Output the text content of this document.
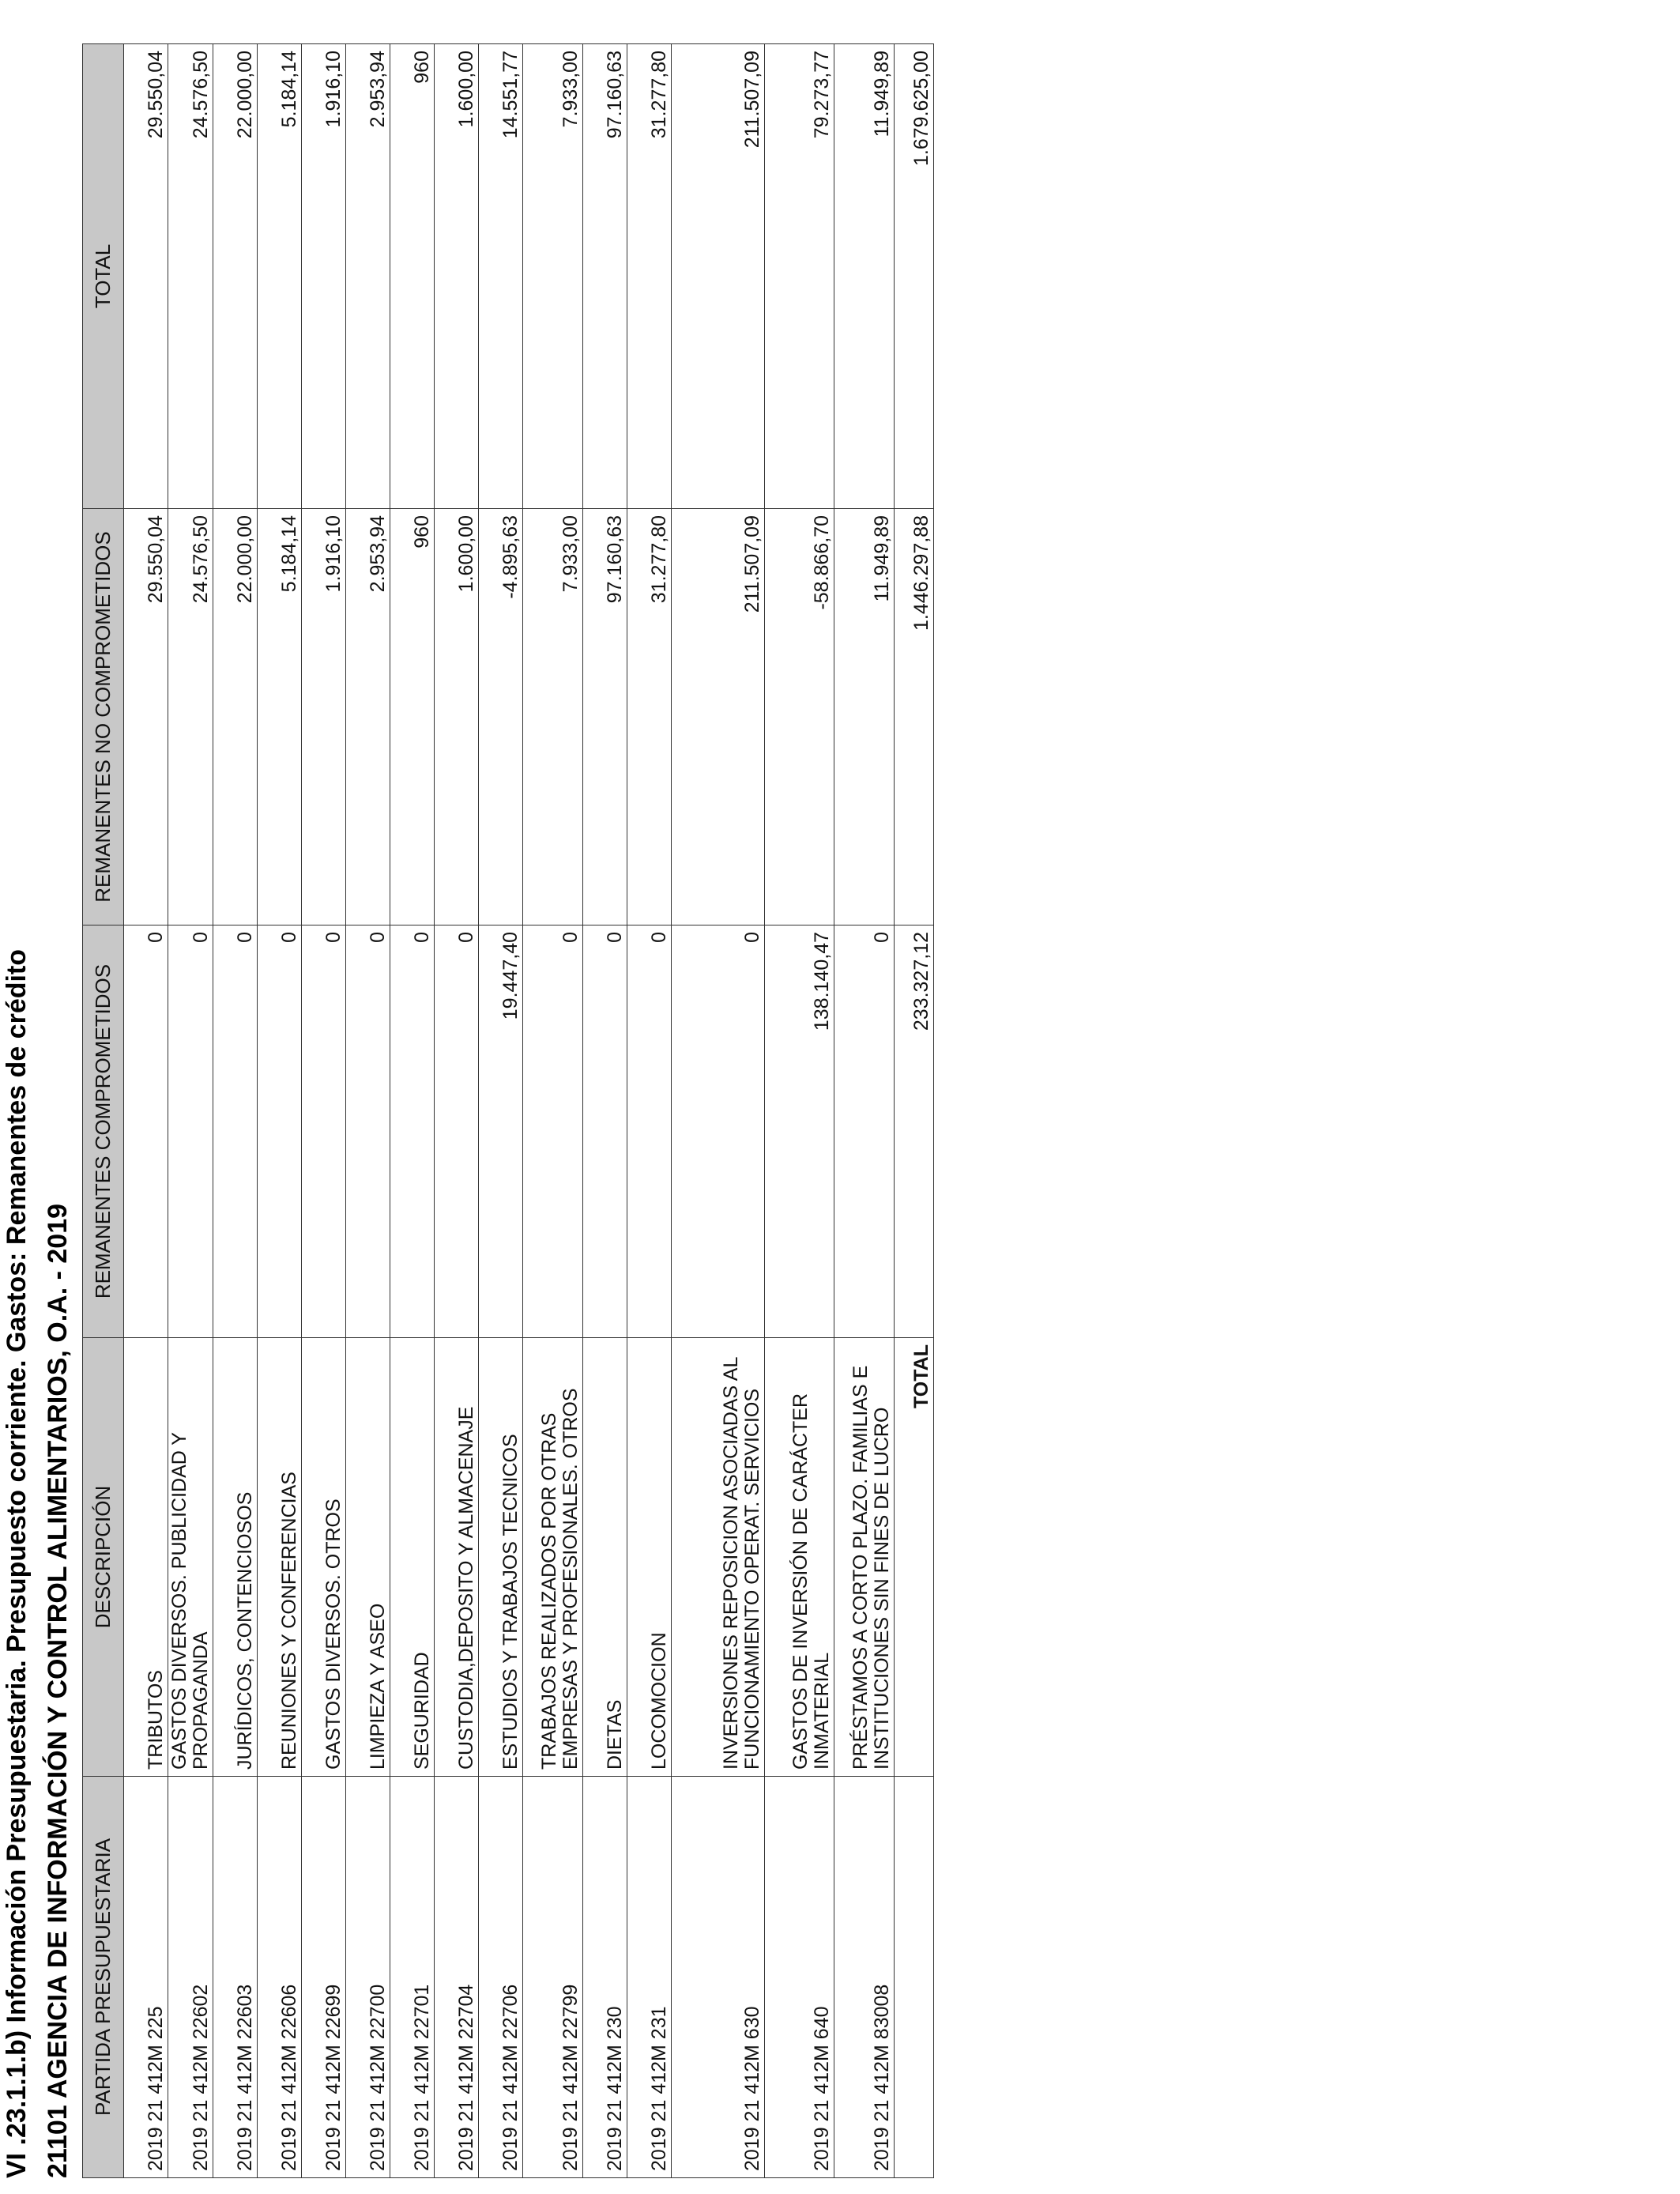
VI .23.1.1.b) Información Presupuestaria. Presupuesto corriente. Gastos: Remanentes de crédito 21101 AGENCIA DE INFORMACIÓN Y CONTROL ALIMENTARIOS, O.A. - 2019 PARTIDA PRESUPUESTARIA	DESCRIPCIÓN	REMANENTES COMPROMETIDOS	REMANENTES NO COMPROMETIDOS	TOTAL
2019 21 412M 225	TRIBUTOS	0	29.550,04	29.550,04
2019 21 412M 22602	GASTOS DIVERSOS. PUBLICIDAD Y PROPAGANDA	0	24.576,50	24.576,50
2019 21 412M 22603	JURÍDICOS, CONTENCIOSOS	0	22.000,00	22.000,00
2019 21 412M 22606	REUNIONES Y CONFERENCIAS	0	5.184,14	5.184,14
2019 21 412M 22699	GASTOS DIVERSOS. OTROS	0	1.916,10	1.916,10
2019 21 412M 22700	LIMPIEZA Y ASEO	0	2.953,94	2.953,94
2019 21 412M 22701	SEGURIDAD	0	960	960
2019 21 412M 22704	CUSTODIA,DEPOSITO Y ALMACENAJE	0	1.600,00	1.600,00
2019 21 412M 22706	ESTUDIOS Y TRABAJOS TECNICOS	19.447,40	-4.895,63	14.551,77
2019 21 412M 22799	TRABAJOS REALIZADOS POR OTRAS EMPRESAS Y PROFESIONALES. OTROS	0	7.933,00	7.933,00
2019 21 412M 230	DIETAS	0	97.160,63	97.160,63
2019 21 412M 231	LOCOMOCION	0	31.277,80	31.277,80
2019 21 412M 630	INVERSIONES REPOSICION ASOCIADAS AL FUNCIONAMIENTO OPERAT. SERVICIOS	0	211.507,09	211.507,09
2019 21 412M 640	GASTOS DE INVERSIÓN DE CARÁCTER INMATERIAL	138.140,47	-58.866,70	79.273,77
2019 21 412M 83008	PRÉSTAMOS A CORTO PLAZO. FAMILIAS E INSTITUCIONES SIN FINES DE LUCRO	0	11.949,89	11.949,89
	TOTAL	233.327,12	1.446.297,88	1.679.625,00
